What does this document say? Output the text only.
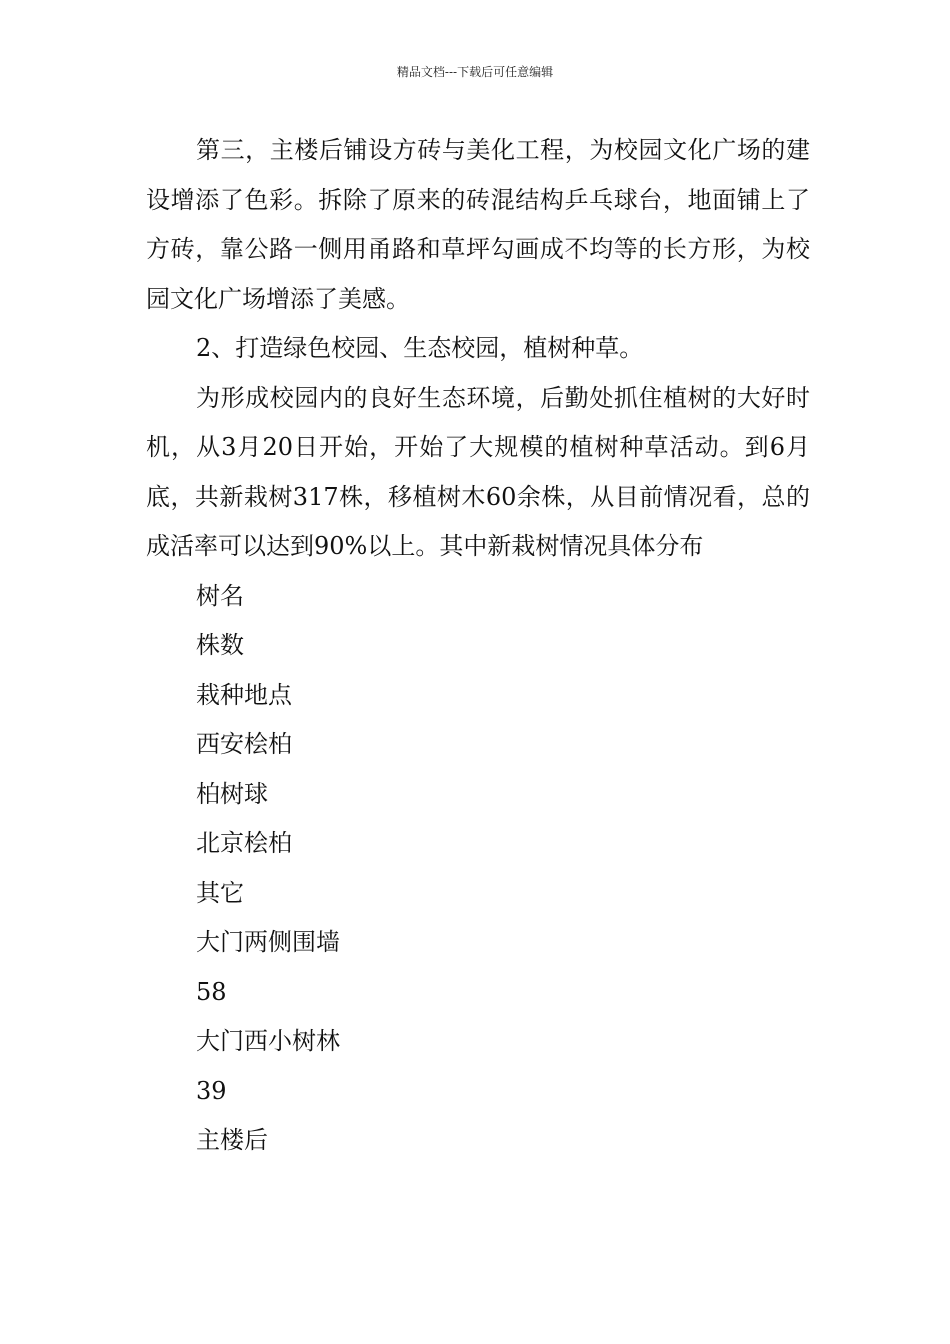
精品文档---下载后可任意编辑

第三，主楼后铺设方砖与美化工程，为校园文化广场的建设增添了色彩。拆除了原来的砖混结构乒乓球台，地面铺上了方砖，靠公路一侧用甬路和草坪勾画成不均等的长方形，为校园文化广场增添了美感。

2、打造绿色校园、生态校园，植树种草。

为形成校园内的良好生态环境，后勤处抓住植树的大好时机，从3月20日开始，开始了大规模的植树种草活动。到6月底，共新栽树317株，移植树木60余株，从目前情况看，总的成活率可以达到90%以上。其中新栽树情况具体分布

树名

株数

栽种地点

西安桧柏

柏树球

北京桧柏

其它

大门两侧围墙

58

大门西小树林

39

主楼后
